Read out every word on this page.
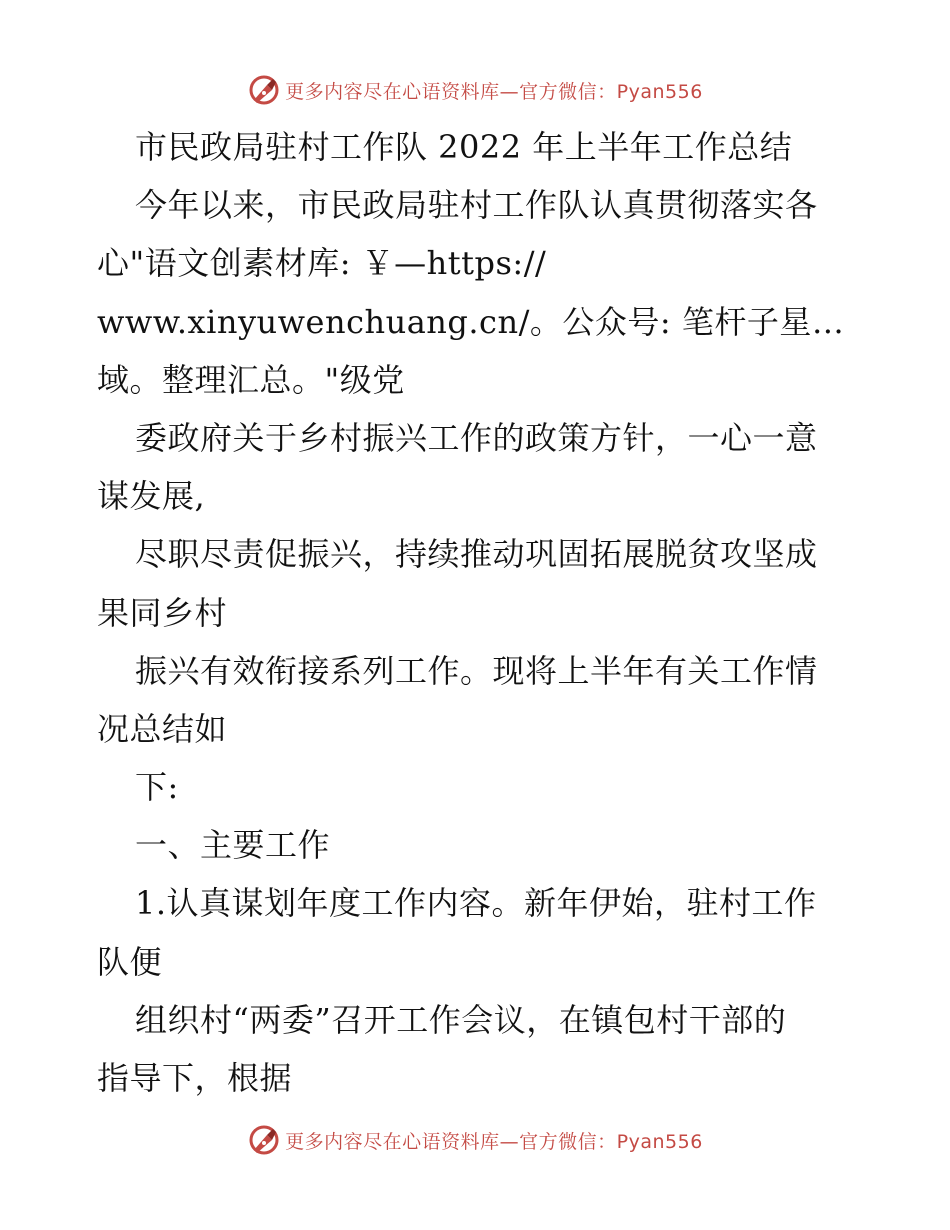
更多内容尽在心语资料库—官方微信：Pyan556
市民政局驻村工作队 2022 年上半年工作总结
今年以来，市民政局驻村工作队认真贯彻落实各
心"语文创素材库: ￥—https://
www.xinyuwenchuang.cn/。公众号: 笔杆子星…
域。整理汇总。"级党
委政府关于乡村振兴工作的政策方针，一心一意
谋发展,
尽职尽责促振兴，持续推动巩固拓展脱贫攻坚成
果同乡村
振兴有效衔接系列工作。现将上半年有关工作情
况总结如
下:
一、主要工作
1.认真谋划年度工作内容。新年伊始，驻村工作
队便
组织村“两委”召开工作会议，在镇包村干部的
指导下，根据
更多内容尽在心语资料库—官方微信：Pyan556
